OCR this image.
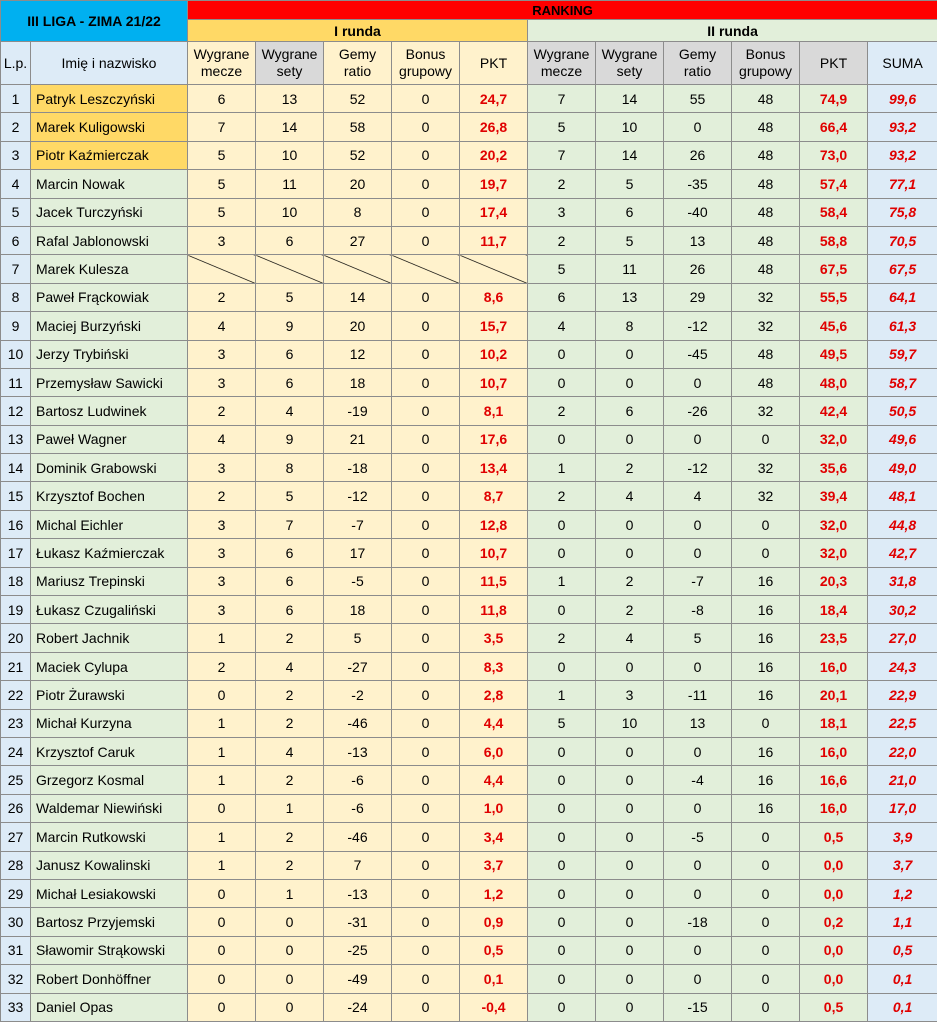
III LIGA - ZIMA 21/22		RANKING										
		I runda					II runda					
L.p.	Imię i nazwisko	Wygrane mecze	Wygrane sety	Gemy ratio	Bonus grupowy	PKT	Wygrane mecze	Wygrane sety	Gemy ratio	Bonus grupowy	PKT	SUMA
1	Patryk Leszczyński	6	13	52	0	24,7	7	14	55	48	74,9	99,6
2	Marek Kuligowski	7	14	58	0	26,8	5	10	0	48	66,4	93,2
3	Piotr Kaźmierczak	5	10	52	0	20,2	7	14	26	48	73,0	93,2
4	Marcin Nowak	5	11	20	0	19,7	2	5	-35	48	57,4	77,1
5	Jacek Turczyński	5	10	8	0	17,4	3	6	-40	48	58,4	75,8
6	Rafal Jablonowski	3	6	27	0	11,7	2	5	13	48	58,8	70,5
7	Marek Kulesza						5	11	26	48	67,5	67,5
8	Paweł Frąckowiak	2	5	14	0	8,6	6	13	29	32	55,5	64,1
9	Maciej Burzyński	4	9	20	0	15,7	4	8	-12	32	45,6	61,3
10	Jerzy Trybiński	3	6	12	0	10,2	0	0	-45	48	49,5	59,7
11	Przemysław Sawicki	3	6	18	0	10,7	0	0	0	48	48,0	58,7
12	Bartosz Ludwinek	2	4	-19	0	8,1	2	6	-26	32	42,4	50,5
13	Paweł Wagner	4	9	21	0	17,6	0	0	0	0	32,0	49,6
14	Dominik Grabowski	3	8	-18	0	13,4	1	2	-12	32	35,6	49,0
15	Krzysztof Bochen	2	5	-12	0	8,7	2	4	4	32	39,4	48,1
16	Michal Eichler	3	7	-7	0	12,8	0	0	0	0	32,0	44,8
17	Łukasz Kaźmierczak	3	6	17	0	10,7	0	0	0	0	32,0	42,7
18	Mariusz Trepinski	3	6	-5	0	11,5	1	2	-7	16	20,3	31,8
19	Łukasz Czugaliński	3	6	18	0	11,8	0	2	-8	16	18,4	30,2
20	Robert Jachnik	1	2	5	0	3,5	2	4	5	16	23,5	27,0
21	Maciek Cylupa	2	4	-27	0	8,3	0	0	0	16	16,0	24,3
22	Piotr Żurawski	0	2	-2	0	2,8	1	3	-11	16	20,1	22,9
23	Michał Kurzyna	1	2	-46	0	4,4	5	10	13	0	18,1	22,5
24	Krzysztof Caruk	1	4	-13	0	6,0	0	0	0	16	16,0	22,0
25	Grzegorz Kosmal	1	2	-6	0	4,4	0	0	-4	16	16,6	21,0
26	Waldemar Niewiński	0	1	-6	0	1,0	0	0	0	16	16,0	17,0
27	Marcin Rutkowski	1	2	-46	0	3,4	0	0	-5	0	0,5	3,9
28	Janusz Kowalinski	1	2	7	0	3,7	0	0	0	0	0,0	3,7
29	Michał Lesiakowski	0	1	-13	0	1,2	0	0	0	0	0,0	1,2
30	Bartosz Przyjemski	0	0	-31	0	0,9	0	0	-18	0	0,2	1,1
31	Sławomir Strąkowski	0	0	-25	0	0,5	0	0	0	0	0,0	0,5
32	Robert Donhöffner	0	0	-49	0	0,1	0	0	0	0	0,0	0,1
33	Daniel Opas	0	0	-24	0	-0,4	0	0	-15	0	0,5	0,1
